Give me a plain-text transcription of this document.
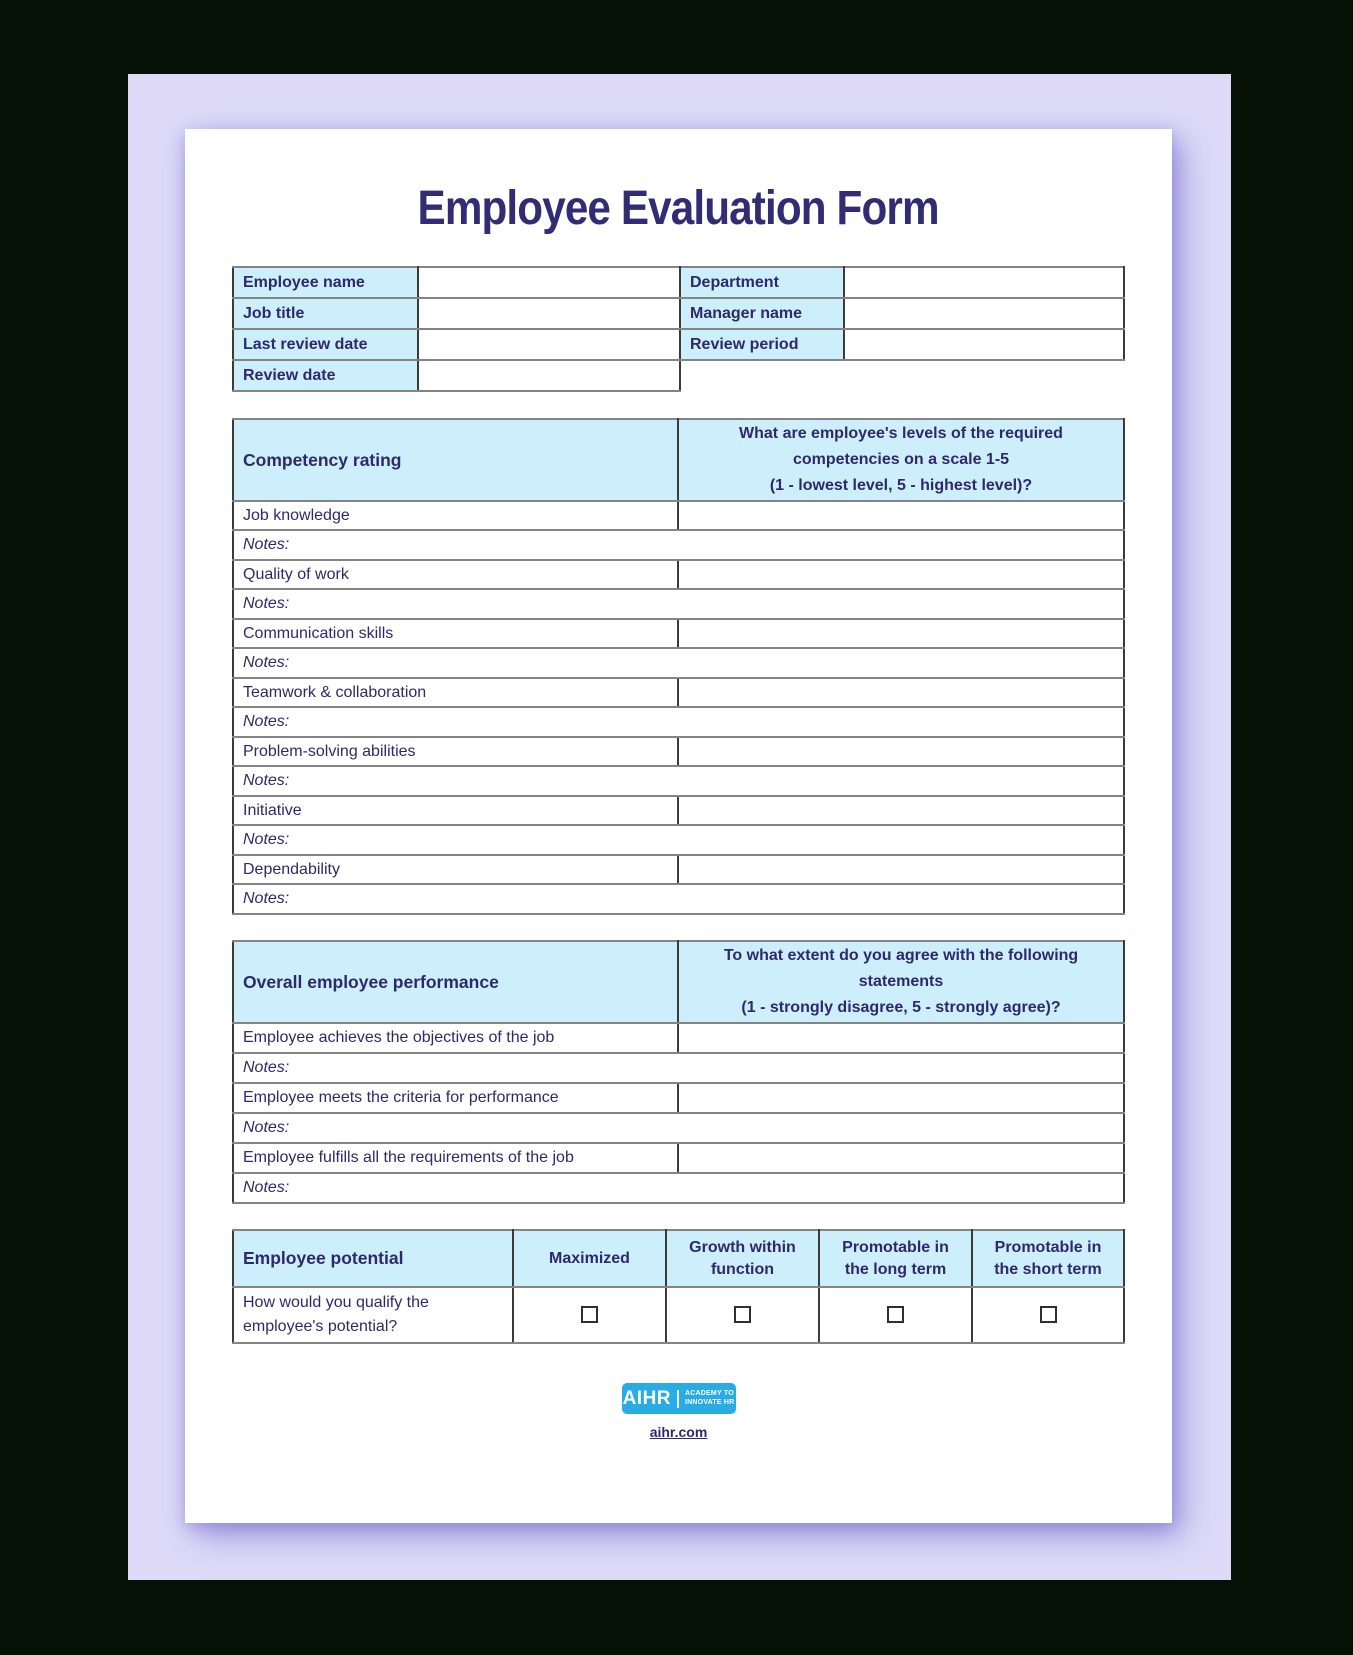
Employee Evaluation Form
Employee name		Department	
Job title		Manager name	
Last review date		Review period	
Review date			
Competency rating	What are employee's levels of the required
competencies on a scale 1-5
(1 - lowest level, 5 - highest level)?

Job knowledge	
Notes:	
Quality of work	
Notes:	
Communication skills	
Notes:	
Teamwork & collaboration	
Notes:	
Problem-solving abilities	
Notes:	
Initiative	
Notes:	
Dependability	
Notes:	
Overall employee performance	To what extent do you agree with the following
statements
(1 - strongly disagree, 5 - strongly agree)?

Employee achieves the objectives of the job	
Notes:	
Employee meets the criteria for performance	
Notes:	
Employee fulfills all the requirements of the job	
Notes:	
Employee potential	Maximized	Growth within function	Promotable in the long term	Promotable in the short term
How would you qualify the employee's potential?				
AIHR ACADEMY TO
INNOVATE HR
aihr.com
